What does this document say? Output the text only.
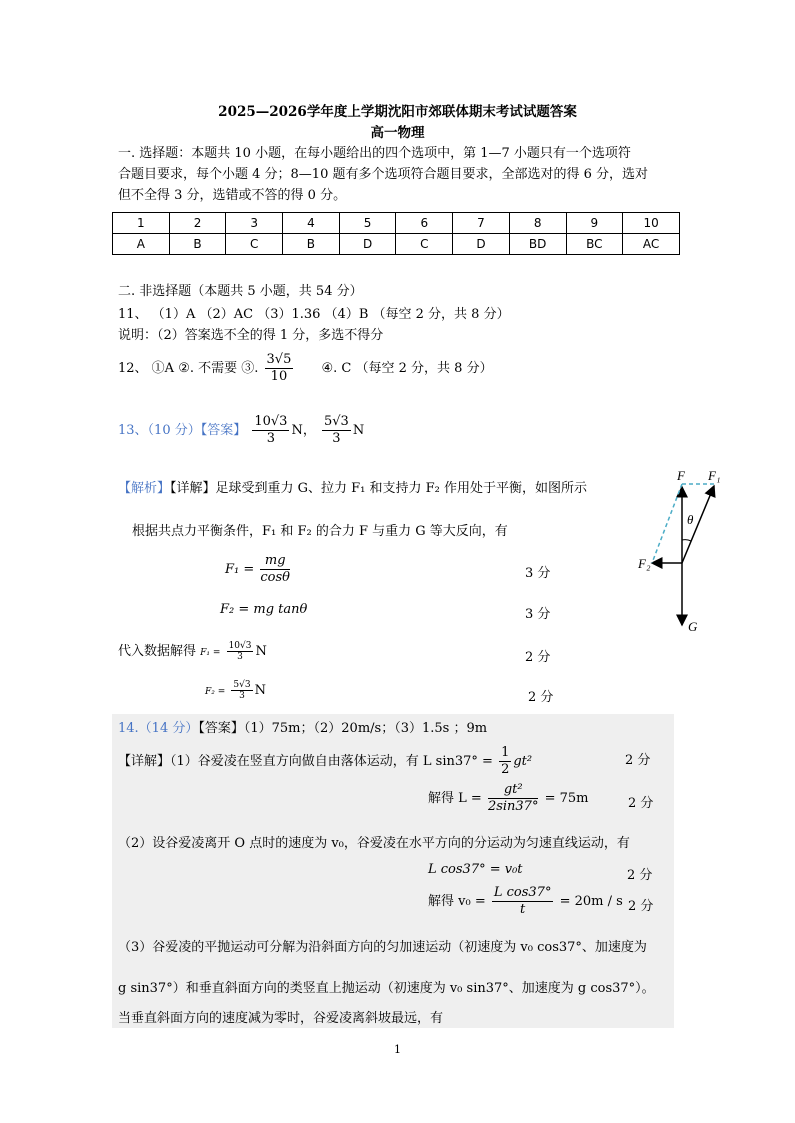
2025—2026学年度上学期沈阳市郊联体期末考试试题答案
高一物理
一. 选择题：本题共 10 小题，在每小题给出的四个选项中，第 1—7 小题只有一个选项符
合题目要求，每个小题 4 分；8—10 题有多个选项符合题目要求，全部选对的得 6 分，选对
但不全得 3 分，选错或不答的得 0 分。
1	2	3	4	5	6	7	8	9	10
A	B	C	B	D	C	D	BD	BC	AC
二. 非选择题（本题共 5 小题，共 54 分）
11、 （1）A （2）AC （3）1.36 （4）B （每空 2 分，共 8 分）
说明：（2）答案选不全的得 1 分，多选不得分
12、 ①A ②. 不需要 ③. $\frac{3√5}{10}$ ④. C （每空 2 分，共 8 分）
13、（10 分）【答案】 $\frac{10√3}{3}$ N， $\frac{5√3}{3}$ N
【解析】【详解】足球受到重力 G、拉力 F₁ 和支持力 F₂ 作用处于平衡，如图所示
根据共点力平衡条件，F₁ 和 F₂ 的合力 F 与重力 G 等大反向，有
$F_1 = \frac{mg}{\cos\theta}$	3 分
F₂ = mg tanθ	3 分
代入数据解得 $F_1 = \frac{10√3}{3}$ N	2 分
$F_2 = \frac{5√3}{3}$ N	2 分
F F₁
θ
F₂
G
14.（14 分）【答案】（1）75m；（2）20m/s；（3）1.5s ；9m
【详解】（1）谷爱凌在竖直方向做自由落体运动，有 L $\sin 37^\circ = \frac{1}{2} gt^2$	2 分
解得 $L = \frac{\text{gt²}}{2\sin 37^\circ} = 75m$	2 分
（2）设谷爱凌离开 O 点时的速度为 v₀，谷爱凌在水平方向的分运动为匀速直线运动，有
L cos37° = v₀t	2 分
解得 $v_0 = \frac{\text{L cos37°}}{t} = 20m / s$ 2 分
（3）谷爱凌的平抛运动可分解为沿斜面方向的匀加速运动（初速度为 v₀ cos37°、加速度为
g sin37°）和垂直斜面方向的类竖直上抛运动（初速度为 v₀ sin37°、加速度为 g cos37°）。
当垂直斜面方向的速度减为零时，谷爱凌离斜坡最远，有
1
